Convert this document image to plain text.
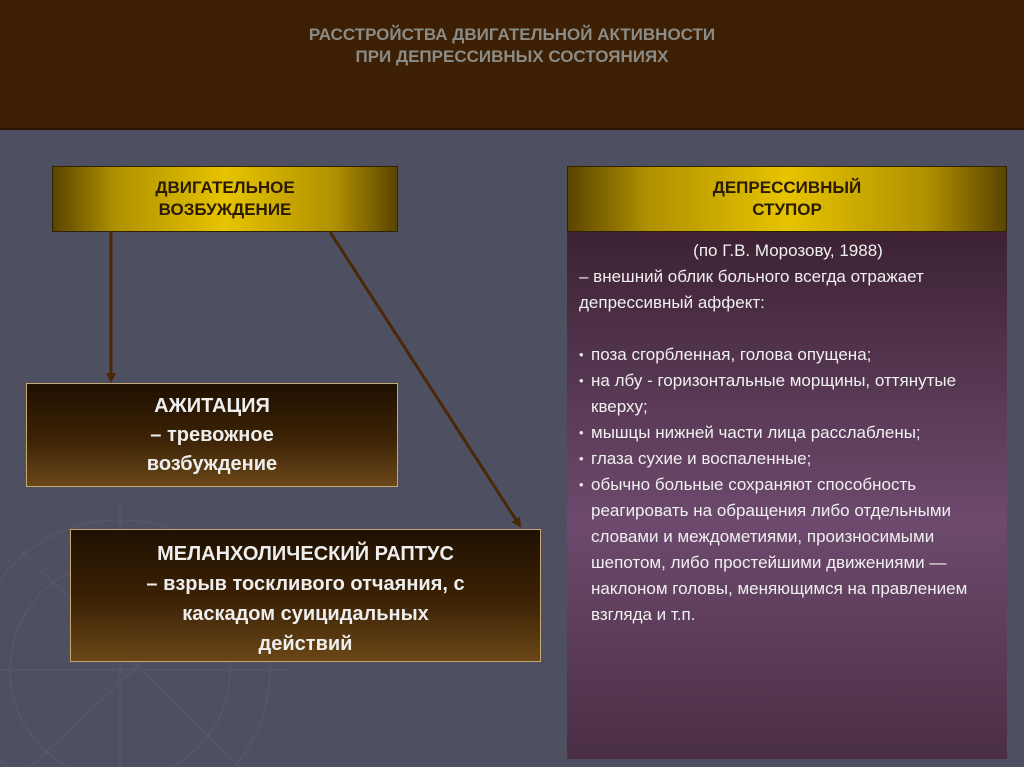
РАССТРОЙСТВА ДВИГАТЕЛЬНОЙ АКТИВНОСТИ
ПРИ ДЕПРЕССИВНЫХ СОСТОЯНИЯХ
ДВИГАТЕЛЬНОЕ
ВОЗБУЖДЕНИЕ
ДЕПРЕССИВНЫЙ
СТУПОР
АЖИТАЦИЯ
– тревожное
возбуждение
МЕЛАНХОЛИЧЕСКИЙ РАПТУС
– взрыв тоскливого отчаяния, с
каскадом суицидальных
действий
(по Г.В. Морозову, 1988)
– внешний облик больного всегда отражает депрессивный аффект:
• поза сгорбленная, голова опущена;
• на лбу - горизонтальные морщины, оттянутые кверху;
• мышцы нижней части лица расслаблены;
• глаза сухие и воспаленные;
• обычно больные сохраняют способность реагировать на обращения либо отдельными словами и междометиями, произносимыми шепотом, либо простейшими движениями — наклоном головы, меняющимся на правлением взгляда и т.п.
